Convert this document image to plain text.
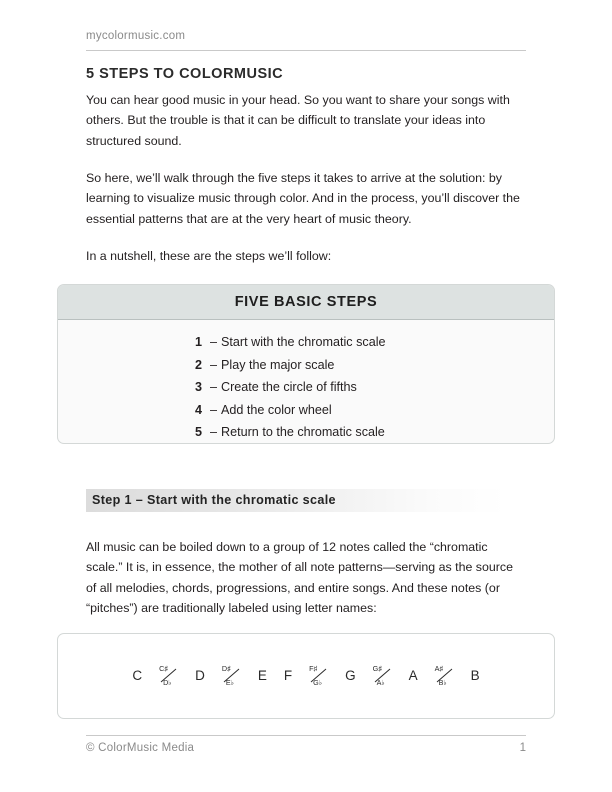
mycolormusic.com
5 STEPS TO COLORMUSIC
You can hear good music in your head. So you want to share your songs with others. But the trouble is that it can be difficult to translate your ideas into structured sound.
So here, we’ll walk through the five steps it takes to arrive at the solution: by learning to visualize music through color. And in the process, you’ll discover the essential patterns that are at the very heart of music theory.
In a nutshell, these are the steps we’ll follow:
FIVE BASIC STEPS
1 – Start with the chromatic scale
2 – Play the major scale
3 – Create the circle of fifths
4 – Add the color wheel
5 – Return to the chromatic scale
Step 1 – Start with the chromatic scale
All music can be boiled down to a group of 12 notes called the “chromatic scale.” It is, in essence, the mother of all note patterns—serving as the source of all melodies, chords, progressions, and entire songs. And these notes (or “pitches”) are traditionally labeled using letter names:
C C♯
D♭ D D♯
E♭ E F F♯
G♭ G G♯
A♭ A A♯
B♭ B
© ColorMusic Media	1
